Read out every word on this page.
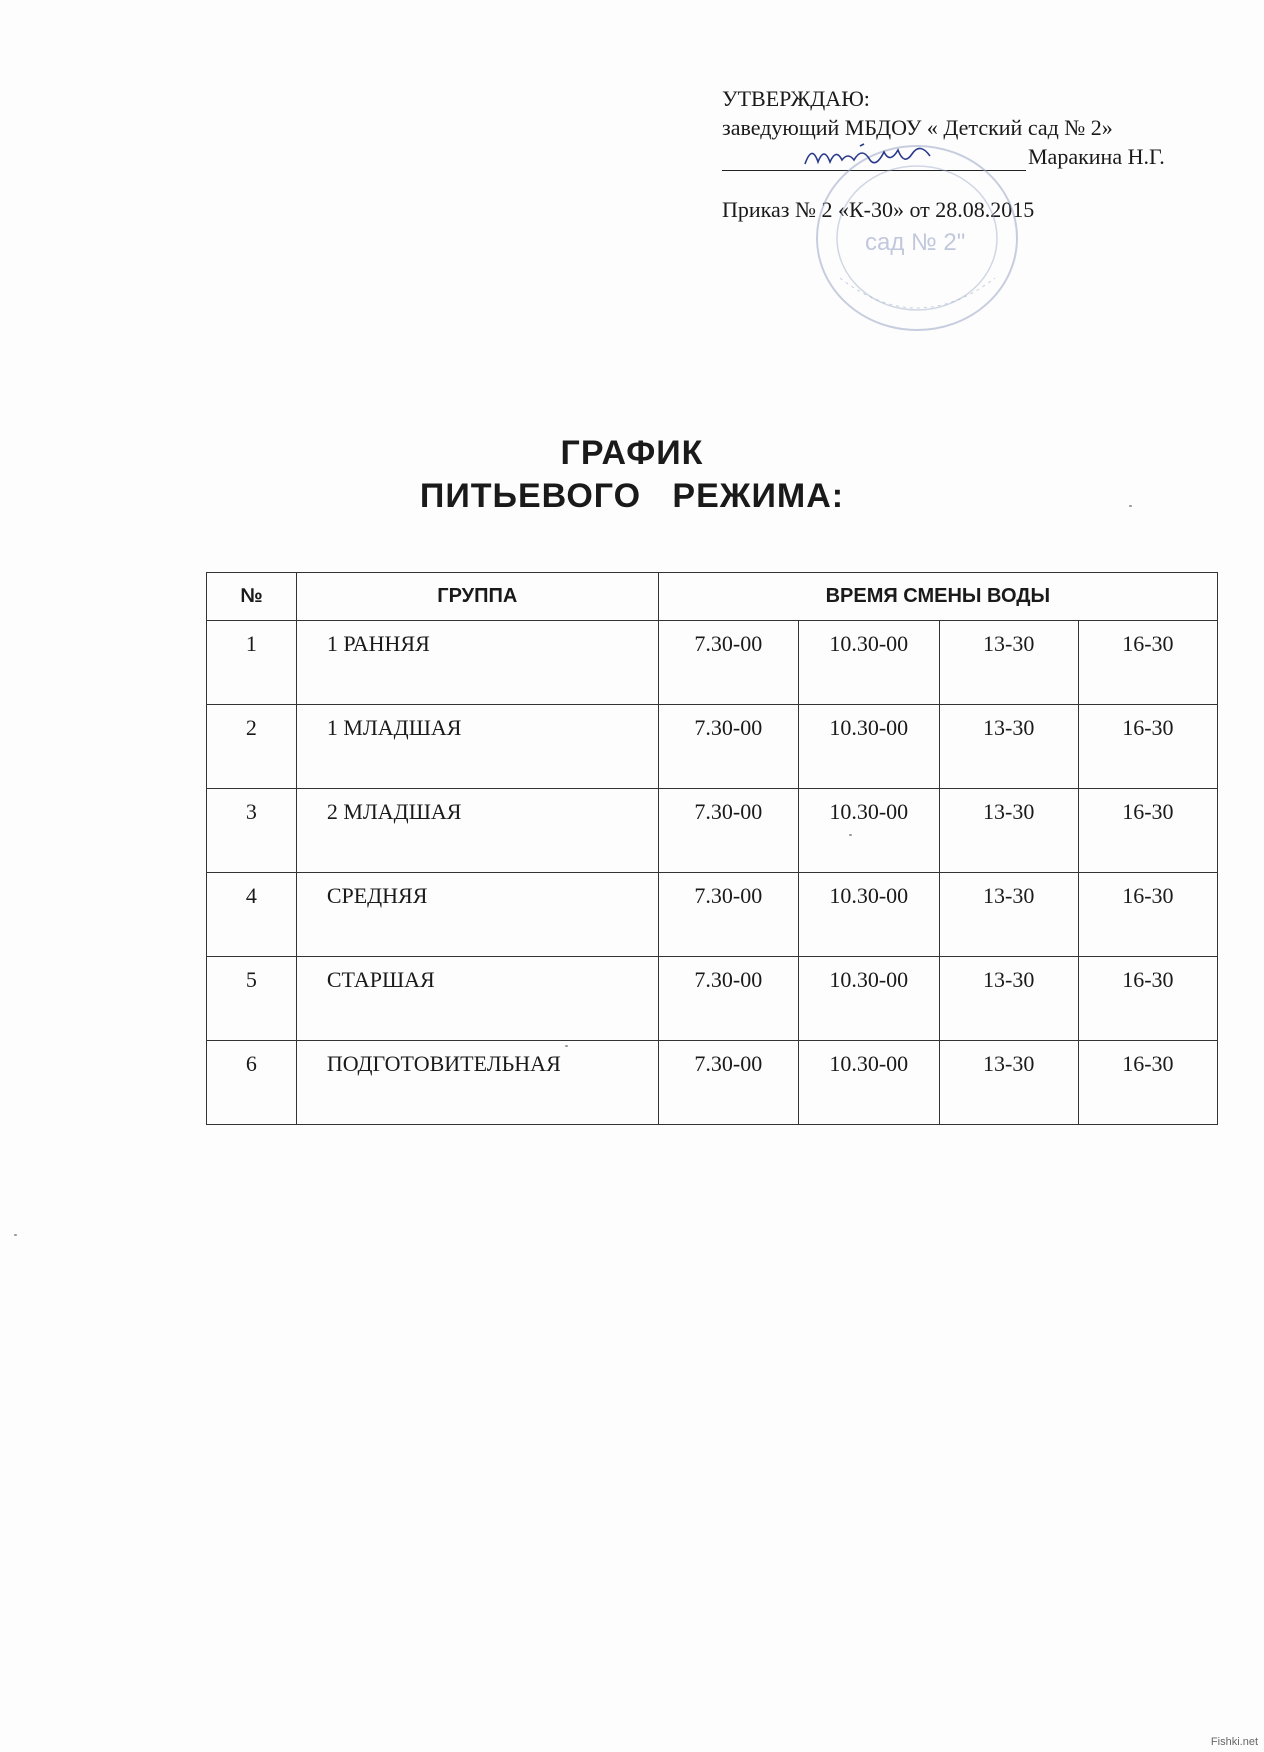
УТВЕРЖДАЮ:
заведующий МБДОУ « Детский сад № 2»
Маракина Н.Г.
Приказ № 2 «К-30» от 28.08.2015
сад № 2"
ГРАФИК
ПИТЬЕВОГО   РЕЖИМА:
№	ГРУППА	ВРЕМЯ СМЕНЫ ВОДЫ			
1	1 РАННЯЯ	7.30-00	10.30-00	13-30	16-30
2	1 МЛАДШАЯ	7.30-00	10.30-00	13-30	16-30
3	2 МЛАДШАЯ	7.30-00	10.30-00	13-30	16-30
4	СРЕДНЯЯ	7.30-00	10.30-00	13-30	16-30
5	СТАРШАЯ	7.30-00	10.30-00	13-30	16-30
6	ПОДГОТОВИТЕЛЬНАЯ	7.30-00	10.30-00	13-30	16-30
Fishki.net
